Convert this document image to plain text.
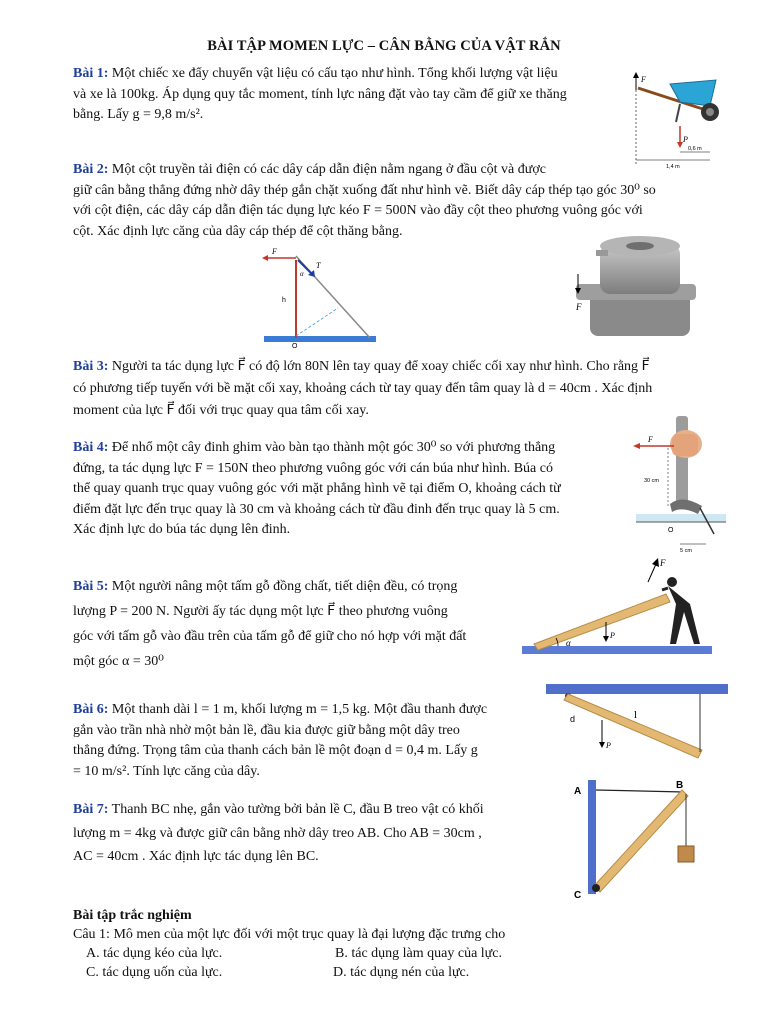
BÀI TẬP MOMEN LỰC – CÂN BẰNG CỦA VẬT RẮN
Bài 1: Một chiếc xe đẩy chuyển vật liệu có cấu tạo như hình. Tổng khối lượng vật liệu
và xe là 100kg. Áp dụng quy tắc moment, tính lực nâng đặt vào tay cầm để giữ xe thăng
bằng. Lấy g = 9,8 m/s².
F⃗
P⃗
0,6 m
1,4 m
Bài 2: Một cột truyền tải điện có các dây cáp dẫn điện nằm ngang ở đầu cột và được
giữ cân bằng thẳng đứng nhờ dây thép gắn chặt xuống đất như hình vẽ. Biết dây cáp thép tạo góc 30⁰ so
với cột điện, các dây cáp dẫn điện tác dụng lực kéo F = 500N vào đầy cột theo phương vuông góc với
cột. Xác định lực căng của dây cáp thép để cột thăng bằng.
F⃗
T⃗
α
h
O
F⃗
Bài 3: Người ta tác dụng lực F⃗ có độ lớn 80N lên tay quay để xoay chiếc cối xay như hình. Cho rằng F⃗
có phương tiếp tuyến với bề mặt cối xay, khoảng cách từ tay quay đến tâm quay là d = 40cm . Xác định
moment của lực F⃗ đối với trục quay qua tâm cối xay.
Bài 4: Để nhổ một cây đinh ghim vào bàn tạo thành một góc 30⁰ so với phương thẳng
đứng, ta tác dụng lực F = 150N theo phương vuông góc với cán búa như hình. Búa có
thể quay quanh trục quay vuông góc với mặt phẳng hình vẽ tại điểm O, khoảng cách từ
điểm đặt lực đến trục quay là 30 cm và khoảng cách từ đầu đinh đến trục quay là 5 cm.
Xác định lực do búa tác dụng lên đinh.
F⃗
30 cm
O
5 cm
Bài 5: Một người nâng một tấm gỗ đồng chất, tiết diện đều, có trọng
lượng P = 200 N. Người ấy tác dụng một lực F⃗ theo phương vuông
góc với tấm gỗ vào đầu trên của tấm gỗ để giữ cho nó hợp với mặt đất
một góc α = 30⁰
F⃗
P⃗
α
Bài 6: Một thanh dài l = 1 m, khối lượng m = 1,5 kg. Một đầu thanh được
gắn vào trần nhà nhờ một bản lề, đầu kia được giữ bằng một dây treo
thẳng đứng. Trọng tâm của thanh cách bản lề một đoạn d = 0,4 m. Lấy g
= 10 m/s². Tính lực căng của dây.
d	l
P⃗
Bài 7: Thanh BC nhẹ, gắn vào tường bởi bản lề C, đầu B treo vật có khối
lượng m = 4kg và được giữ cân bằng nhờ dây treo AB. Cho AB = 30cm ,
AC = 40cm . Xác định lực tác dụng lên BC.
A
B
C
Bài tập trắc nghiệm
Câu 1: Mô men của một lực đối với một trục quay là đại lượng đặc trưng cho
A. tác dụng kéo của lực.	B. tác dụng làm quay của lực.
C. tác dụng uốn của lực.	D. tác dụng nén của lực.
